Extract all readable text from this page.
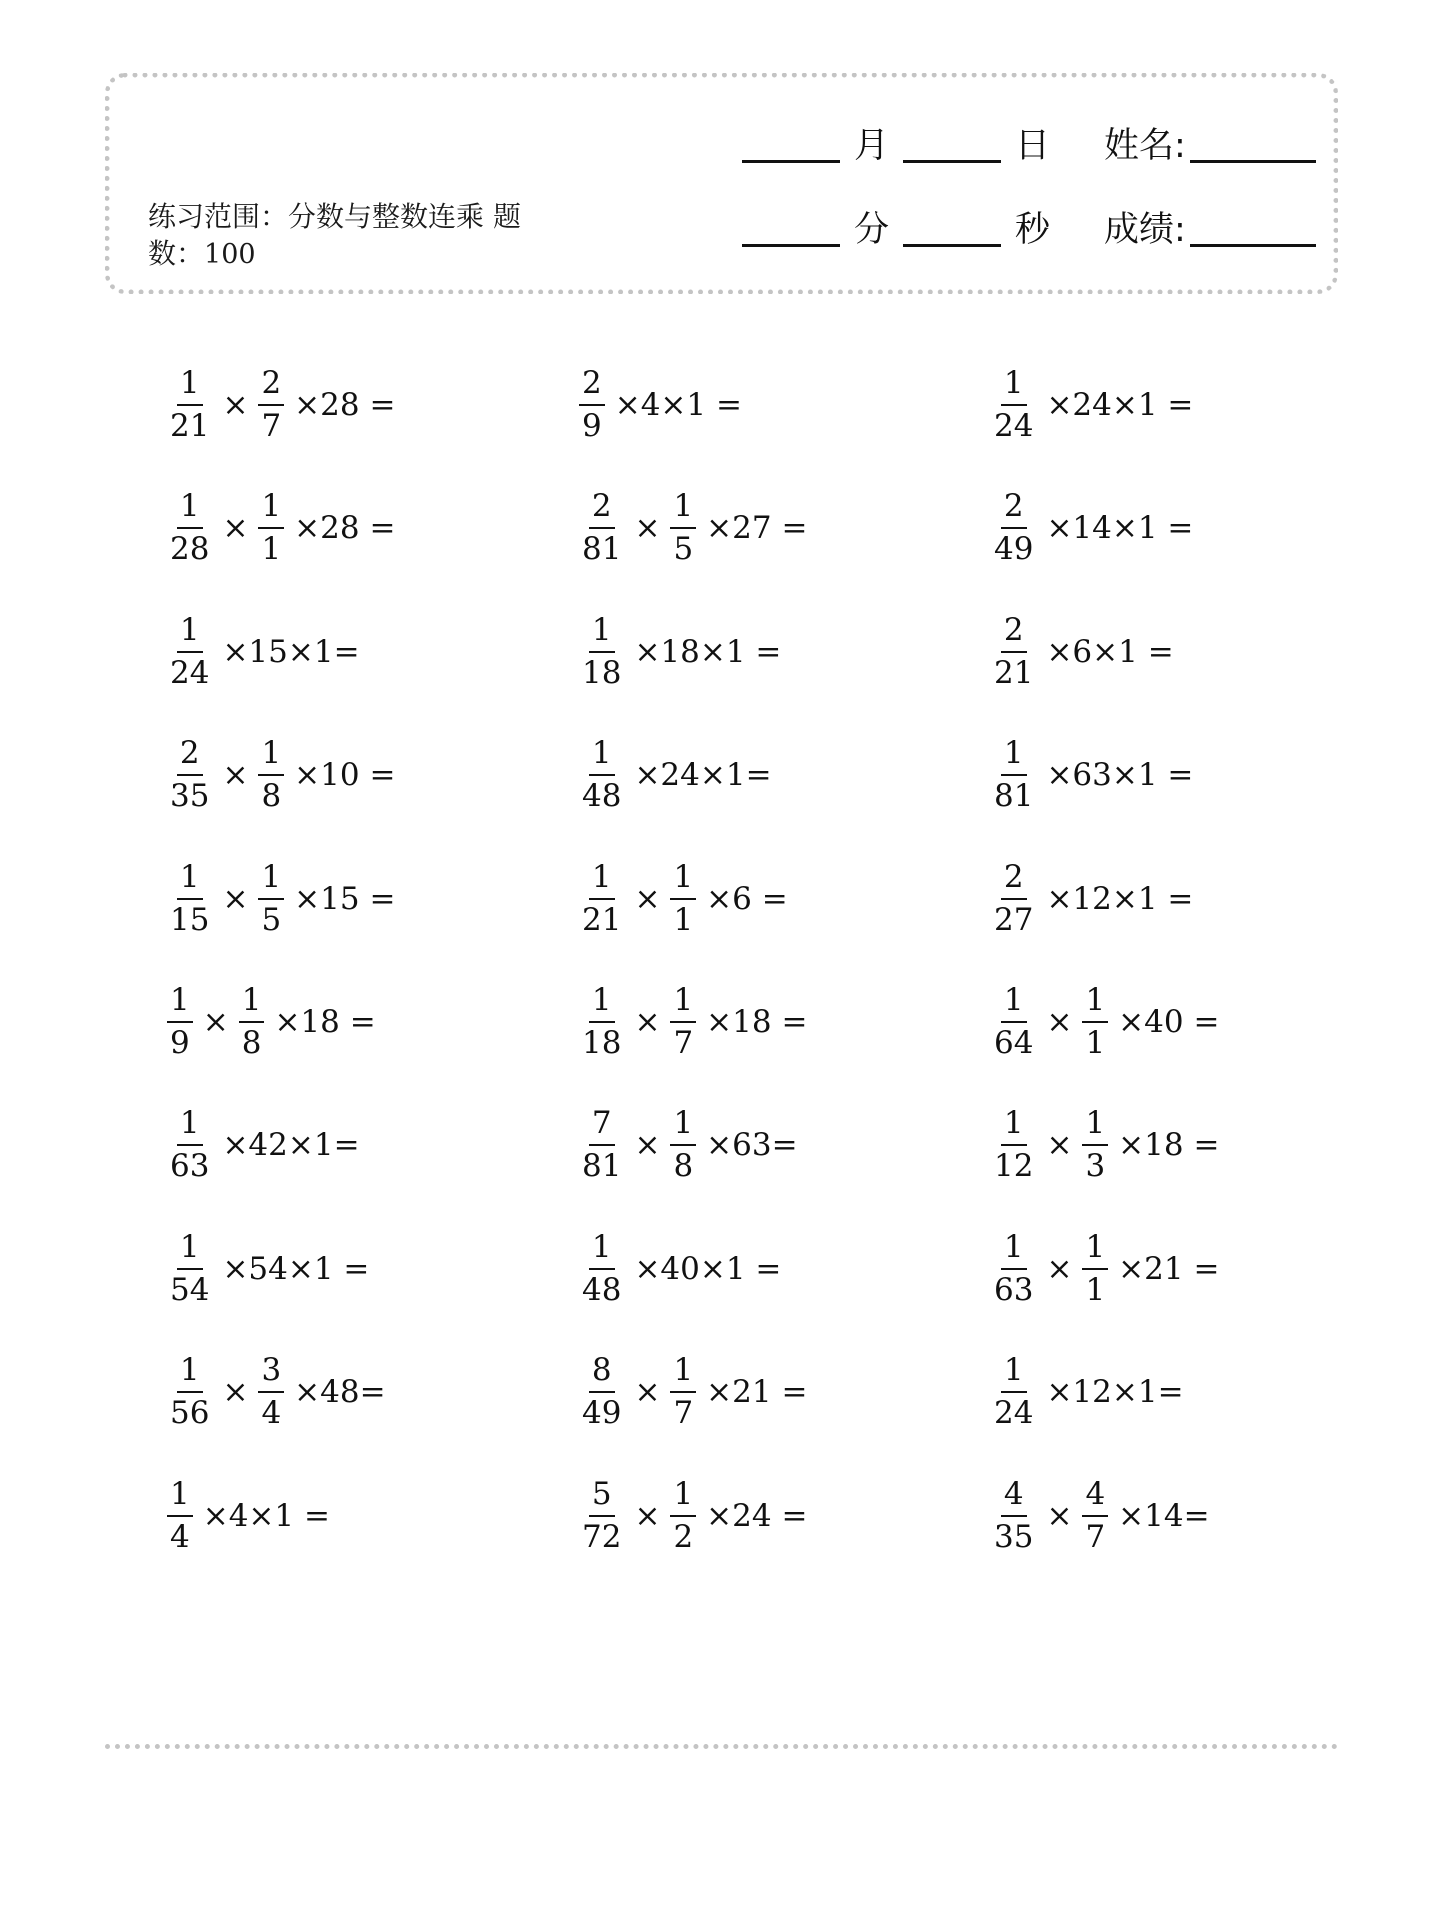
月	日 姓名:
分	秒 成绩:
练习范围：分数与整数连乘 题
数：100
$\frac{1}{21} \times \frac{2}{7} \times 28$ =	$\frac{2}{9} \times 4\times 1$ =	$\frac{1}{24} \times 24\times 1$ =
$\frac{1}{28} \times \frac{1}{1} \times 28$ =	$\frac{2}{81} \times \frac{1}{5} \times 27$ =	$\frac{2}{49} \times 14\times 1$ =
$\frac{1}{24} \times 15\times 1=$	$\frac{1}{18} \times 18\times 1$ =	$\frac{2}{21} \times 6\times 1$ =
$\frac{2}{35} \times \frac{1}{8} \times 10$ =	$\frac{1}{48} \times 24\times 1=$	$\frac{1}{81} \times 63\times 1$ =
$\frac{1}{15} \times \frac{1}{5} \times 15$ =	$\frac{1}{21} \times \frac{1}{1} \times 6$ =	$\frac{2}{27} \times 12\times 1$ =
$\frac{1}{9} \times \frac{1}{8} \times 18$ =	$\frac{1}{18} \times \frac{1}{7} \times 18$ =	$\frac{1}{64} \times \frac{1}{1} \times 40$ =
$\frac{1}{63} \times 42\times 1=$	$\frac{7}{81} \times \frac{1}{8} \times 63=$	$\frac{1}{12} \times \frac{1}{3} \times 18$ =
$\frac{1}{54} \times 54\times 1$ =	$\frac{1}{48} \times 40\times 1$ =	$\frac{1}{63} \times \frac{1}{1} \times 21$ =
$\frac{1}{56} \times \frac{3}{4} \times 48=$	$\frac{8}{49} \times \frac{1}{7} \times 21$ =	$\frac{1}{24} \times 12\times 1=$
$\frac{1}{4} \times 4\times 1$ =	$\frac{5}{72} \times \frac{1}{2} \times 24$ =	$\frac{4}{35} \times \frac{4}{7} \times 14=$
